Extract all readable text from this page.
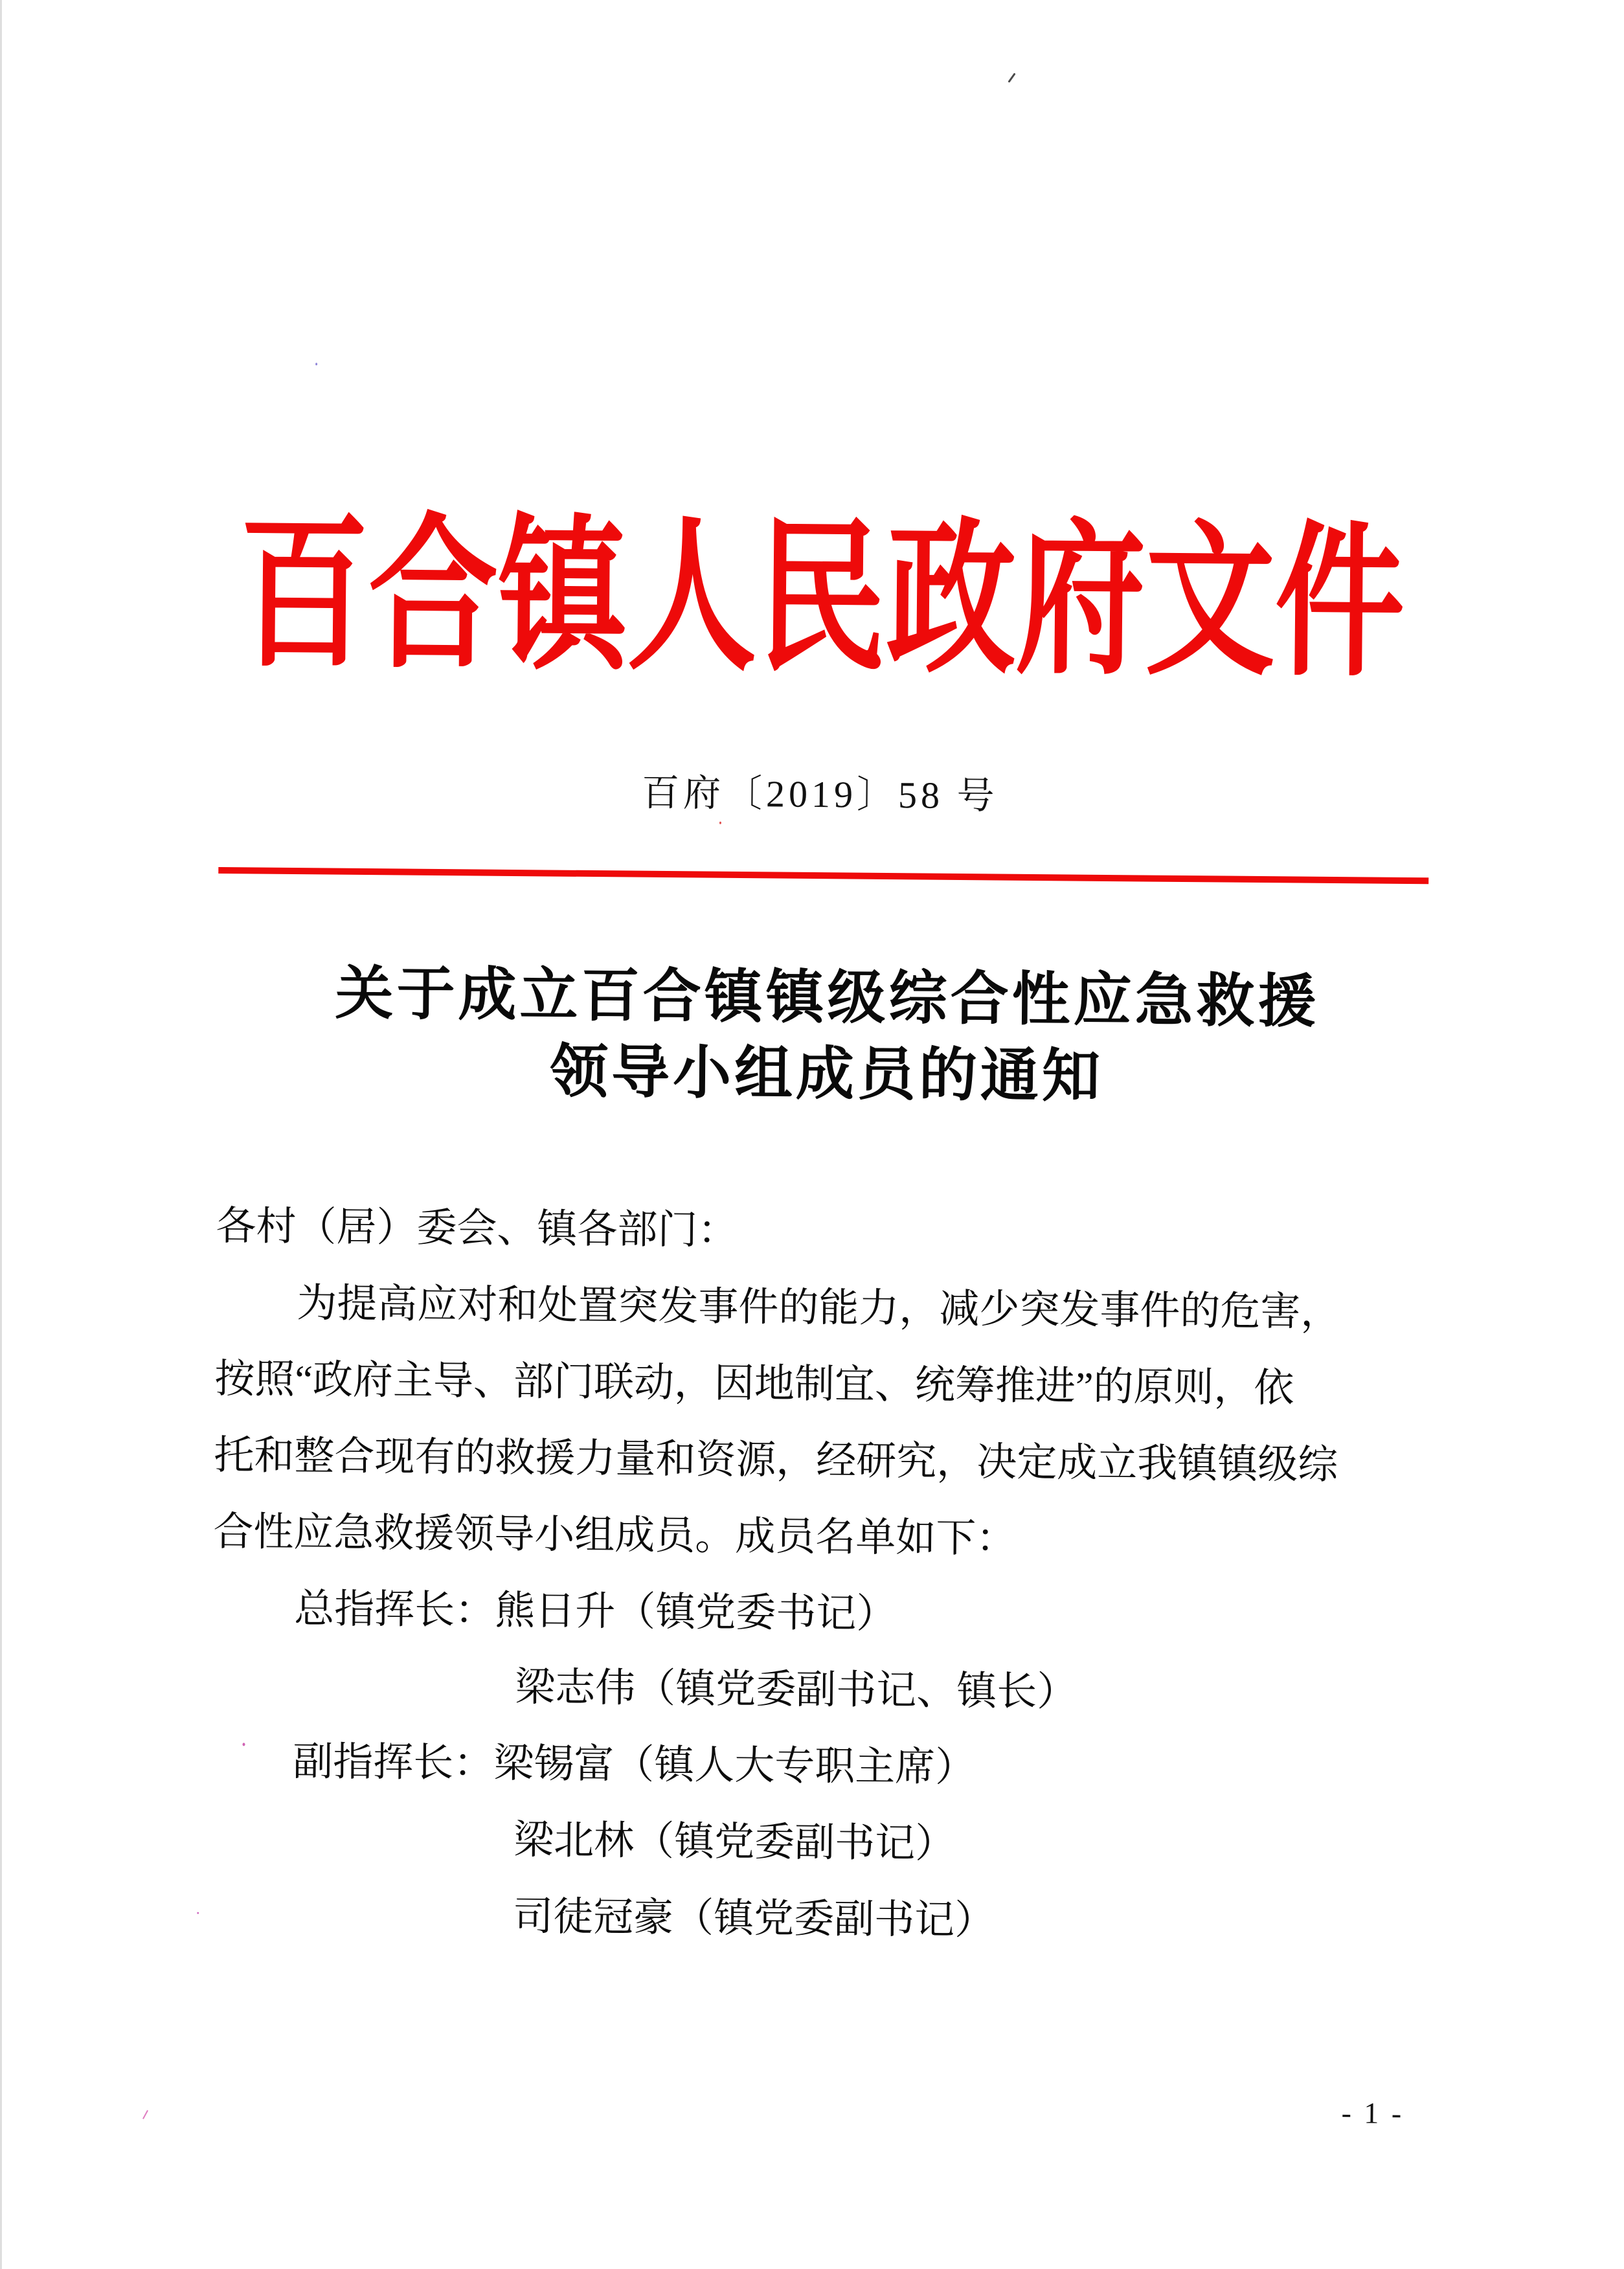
百合镇人民政府文件
百府〔2019〕58 号
关于成立百合镇镇级综合性应急救援
领导小组成员的通知
各村（居）委会、镇各部门：
为提高应对和处置突发事件的能力，减少突发事件的危害，
按照“政府主导、部门联动，因地制宜、统筹推进”的原则，依
托和整合现有的救援力量和资源，经研究，决定成立我镇镇级综
合性应急救援领导小组成员。成员名单如下：
总指挥长：熊日升（镇党委书记）
梁志伟（镇党委副书记、镇长）
副指挥长：梁锡富（镇人大专职主席）
梁北林（镇党委副书记）
司徒冠豪（镇党委副书记）
- 1 -
